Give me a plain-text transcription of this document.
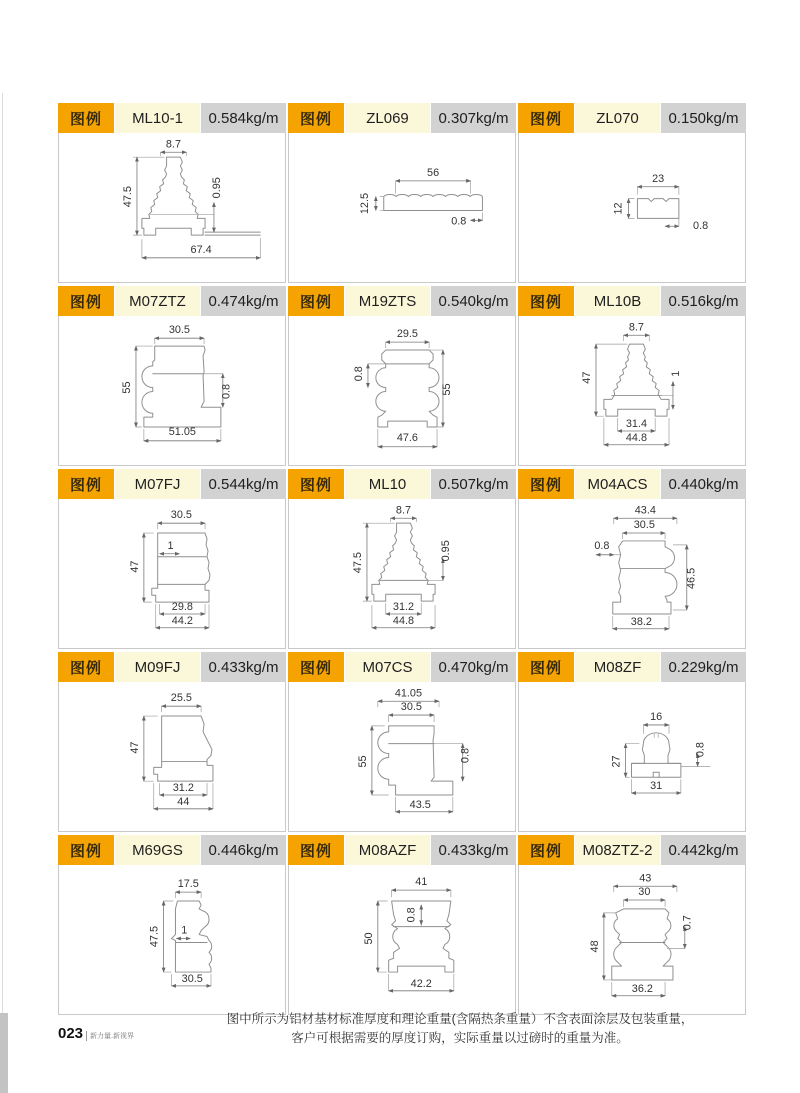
图例	ML10-1	0.584kg/m
8.7
47.5	0.95
67.4
图例	ZL069	0.307kg/m
56
12.5
0.8
图例	ZL070	0.150kg/m
23
12
0.8
图例	M07ZTZ	0.474kg/m
30.5
55	0.8
51.05
图例	M19ZTS	0.540kg/m
29.5
0.8
55
47.6
图例	ML10B	0.516kg/m
8.7
47	1
31.4
44.8
图例	M07FJ	0.544kg/m
30.5
1
47
29.8
44.2
图例	ML10	0.507kg/m
8.7
47.5
0.95
31.2
44.8
图例	M04ACS	0.440kg/m
43.4
30.5
0.8
46.5
38.2
图例	M09FJ	0.433kg/m
25.5
47
31.2
44
图例	M07CS	0.470kg/m
41.05
30.5
0.8
55
43.5
图例	M08ZF	0.229kg/m
16
27
0.8
31
图例	M69GS	0.446kg/m
17.5
47.5 1
30.5
图例	M08AZF	0.433kg/m
41
0.8
50
42.2
图例	M08ZTZ-2	0.442kg/m
43
30
0.7
48
36.2
图中所示为铝材基材标准厚度和理论重量(含隔热条重量）不含表面涂层及包装重量，
客户可根据需要的厚度订购，实际重量以过磅时的重量为准。
023	新力量.新视界
